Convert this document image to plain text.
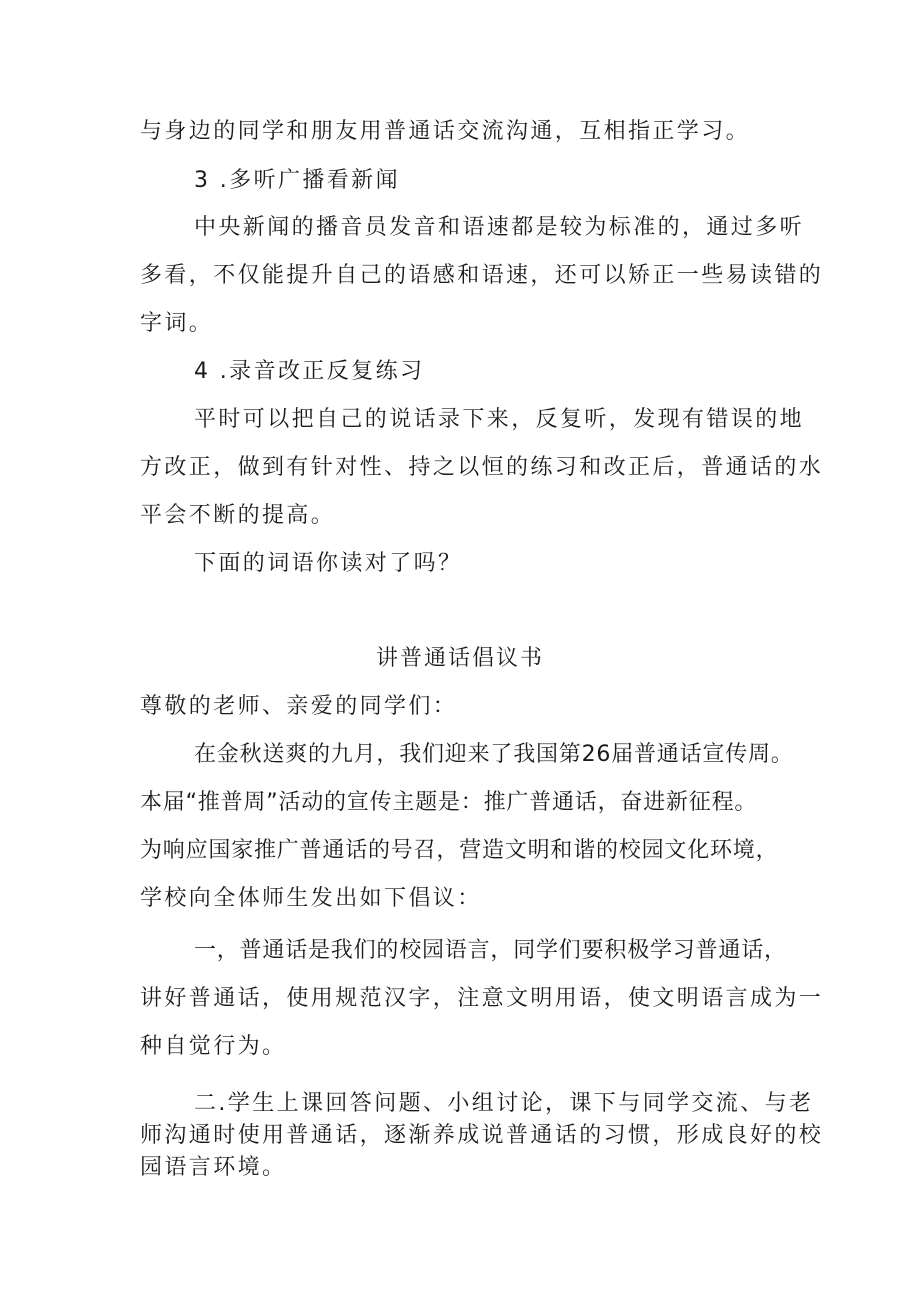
与身边的同学和朋友用普通话交流沟通，互相指正学习。

3 .多听广播看新闻

中央新闻的播音员发音和语速都是较为标准的，通过多听

多看，不仅能提升自己的语感和语速，还可以矫正一些易读错的

字词。

4 .录音改正反复练习

平时可以把自己的说话录下来，反复听，发现有错误的地

方改正，做到有针对性、持之以恒的练习和改正后，普通话的水

平会不断的提高。

下面的词语你读对了吗？

讲普通话倡议书

尊敬的老师、亲爱的同学们：

在金秋送爽的九月，我们迎来了我国第26届普通话宣传周。

本届“推普周”活动的宣传主题是：推广普通话，奋进新征程。

为响应国家推广普通话的号召，营造文明和谐的校园文化环境，

学校向全体师生发出如下倡议：

一，普通话是我们的校园语言，同学们要积极学习普通话，

讲好普通话，使用规范汉字，注意文明用语，使文明语言成为一

种自觉行为。

二.学生上课回答问题、小组讨论，课下与同学交流、与老

师沟通时使用普通话，逐渐养成说普通话的习惯，形成良好的校

园语言环境。
